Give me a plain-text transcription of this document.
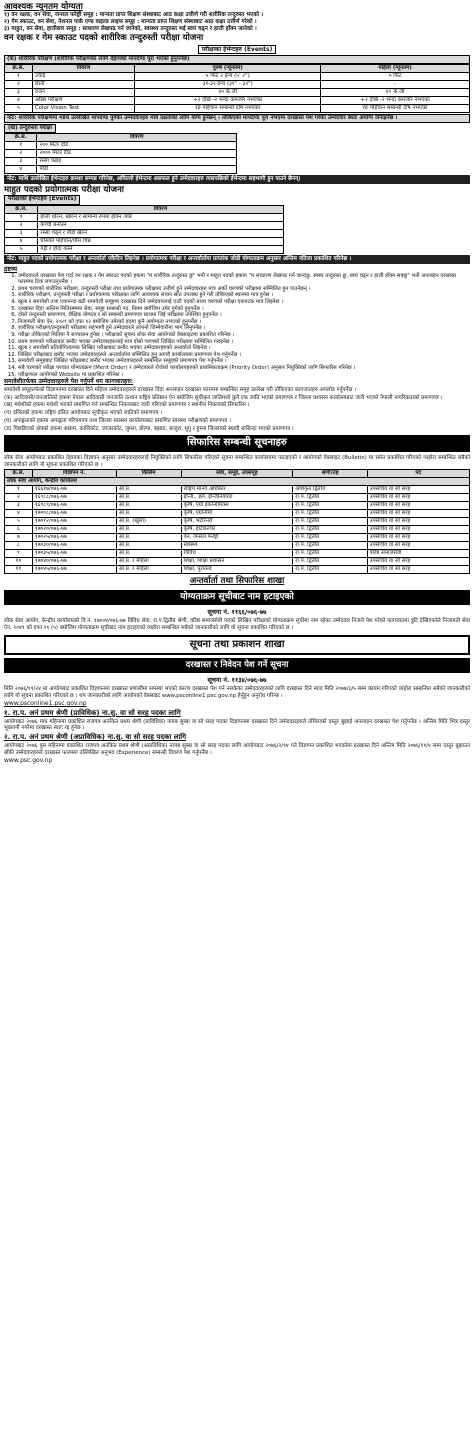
आवश्यक न्यूनतम योग्यता
१) वन रक्षक, वन सेवा, जनरल फरेष्ट्री समूह : मान्यता प्राप्त शिक्षण संस्थाबाट आठ कक्षा उत्तीर्ण गरी शारीरिक तन्दुरुस्त भएको ।
२) गेम स्काउट, वन सेवा, नेशनल पार्क एण्ड वाइल्ड लाइफ समूह : मान्यता प्राप्त शिक्षण संस्थाबाट आठ कक्षा उत्तीर्ण गरेको ।
३) माहुत, वन सेवा, हात्तीसार समूह : साधारण लेखपढ गर्न जानेको, स्वास्थ्य तन्दुरुस्त भई स्वयं चढ्न र हात्ती हाँक्न जानेको ।
वन रक्षक र गेम स्काउट पदको शारीरिक तन्दुरुस्ती परीक्षा योजना
परीक्षाका ईभेन्टहरु (Events)
(क) शारीरिक परीक्षण (शारीरिक परीक्षणको लागि देहायको मापदण्ड पूरा भएको हुनुपर्नेछ)
क्र.सं.	विवरण	पुरुष (न्यूनतम)	महिला (न्यूनतम)
१	उचाई	५ फिट २ इन्च (५' २")	५ फिट
२	छाती	३१-३२ इन्च (३१" - ३२")	-
३	वजन	४० के.जी	४२ के.जी
४	आँखा परीक्षण	+२ देखि -२ भन्दा कमजोर नभएको	+२ देखि -२ भन्दा कमजोर नभएको
५	Color Vision Test	रङ पहिचान सम्बन्धी दोष नभएको	रङ पहिचान सम्बन्धी दोष नभएको
नोट: शारीरिक परीक्षणमा माथि उल्लेखित मापदण्ड पुगेका उम्मेदवारहरु मात्र दक्षताको लागि योग्य हुनेछन् । तोकिएको मापदण्ड पूरा नभएमा दरखास्त पेश गरेका उम्मेदवार स्वतः अयोग्य जनाइनेछ ।
(ख) तन्दुरुस्ती परीक्षा
क्र.सं.	विवरण
१	२०० मिटर दौड
२	२००० मिटर दौड
३	रस्सा चढाइ
४	पौडी
नोट: माथि उल्लेखित ईभेन्टहरु क्रमशः सम्पन्न गरिनेछ, अघिल्लो ईभेन्टमा असफल हुने उम्मेदवारहरु त्यसपछिको ईभेन्टमा सहभागी हुन पाउने छैनन्।
माहुत पदको प्रयोगात्मक परीक्षा योजना
परीक्षाका ईभेन्टहरु (Events)
क्र.सं.	विवरण
१	हात्ती थोल्ने, खोल्ने र सामान्य रुपमा हाँक्न जान्ने
२	कच्ची बनाउने
३	रस्सा चढ्ने र पौडी खेल्ने
४	घाँसको पहिचान/घाँस चिन्ने
५	गद्दी र हौदा कस्ने
नोट: माहुत पदको प्रयोगात्मक परीक्षा र अन्तर्वार्ता एकैदिन लिइनेछ । प्रयोगात्मक परीक्षा र अन्तर्वार्तामा प्राप्तांक जोडी योग्यताक्रम अनुसार अन्तिम नतिजा प्रकाशित गरिनेछ ।
द्रष्टव्य
1. उम्मेदवारले दरखास्त पेश गर्दा वन रक्षक र गेम स्काउट पदको हकमा "म शारीरिक तन्दुरुस्त छु" भनी र माहुत पदको हकमा "म साधारण लेखपढ गर्न जान्दछु, स्वस्थ तन्दुरुस्त छु, स्वयं चढ्न र हात्ती हाँक्न सक्छु" भनी अनलाइन दरखास्त फारममा टिक लगाउनुपर्नेछ ।
2. प्रथम चरणको शारीरिक परीक्षण, तन्दुरुस्ती परीक्षा तथा प्रयोगात्मक परीक्षामा उत्तीर्ण हुने उम्मेदवारहरु मात्र अर्को चरणको परीक्षामा सम्मिलित हुन पाउनेछन् ।
3. शारीरिक परीक्षण, तन्दुरुस्ती परीक्षा र प्रयोगात्मक परीक्षाका लागि आवश्यक साधन स्रोत उपलब्ध हुने गरी तोकिएको स्थानमा मात्र हुनेछ ।
4. खुला र समावेशी तथा एकभन्दा बढी समावेशी समूहमा दरखास्त दिने उम्मेदवारलाई एउटै पदको प्रथम चरणको परीक्षा एकपटक मात्र लिइनेछ ।
5. दरखास्त दिंदा अन्तिम मितिसम्ममा सेवा, समूह सम्बन्धी पद, नियम बमोजिम उमेर पुगेको हुनुपर्नेछ ।
6. दोस्रो तन्दुरुस्ती प्रमाणपत्र, शैक्षिक योग्यता र सो सम्बन्धी प्रमाणपत्र साथमा लिई परीक्षामा उपस्थित हुनुपर्नेछ ।
7. निजामती सेवा ऐन, २०४९ को दफा १२ बमोजिम उमेरको हदमा कुनै अयोग्यता नभएको हुनुपर्नेछ ।
8. शारीरिक परीक्षण/तन्दुरुस्ती परीक्षामा सहभागी हुने उम्मेदवारले आफ्नो जिम्मेवारीमा भाग लिनुपर्नेछ ।
9. परीक्षा तोकिएको मितिमा नै सञ्चालन हुनेछ । परीक्षाको सूचना लोक सेवा आयोगको वेबसाइटमा प्रकाशित गरिनेछ ।
10. प्रथम चरणको परीक्षाबाट छनौट भएका उम्मेदवारहरुलाई मात्र दोस्रो चरणको लिखित परीक्षामा सम्मिलित गराइनेछ ।
11. खुला र समावेशी प्रतियोगितात्मक लिखित परीक्षाबाट छनौट भएका उम्मेदवारहरुको अन्तर्वार्ता लिइनेछ ।
12. लिखित परीक्षाबाट छनौट भएका उम्मेदवारहरुले अन्तर्वार्तामा सम्मिलित हुनु अगावै कार्यालयमा प्रमाणपत्र पेश गर्नुपर्नेछ ।
13. समावेशी समूहबाट लिखित परीक्षाबाट छनौट भएका उम्मेदवारहरुले सम्बन्धित समूहको प्रमाणपत्र पेश गर्नुपर्नेछ ।
14. सबै चरणको परीक्षा पश्चात योग्यताक्रम (Merit Order) र उम्मेदवारले रोजेको कार्यालयहरुको प्राथमिकताक्रम (Priority Order) अनुसार नियुक्तिको लागि सिफारिस गरिनेछ ।
15. परीक्षाफल आयोगको Website मा प्रकाशित गरिनेछ ।
समावेशीतर्फका उम्मेदवारहरुले पेश गर्नुपर्ने थप कागजातहरु:
समावेशी समूहतर्फको विज्ञापनमा दरखास्त दिने महिला उम्मेदवारहरुले दरखास्त दिंदा अनलाइन दरखास्त फारममा सम्बन्धित समूह उल्लेख गरी तोकिएका कागजातहरु अपलोड गर्नुपर्नेछ ।
(क) आदिवासी/जनजातिको हकमा नेपाल आदिवासी जनजाति उत्थान राष्ट्रिय प्रतिष्ठान ऐन बमोजिम सूचीकृत जातिमध्ये कुनै एक जाति भएको प्रमाणपत्र र जिल्ला प्रशासन कार्यालयबाट जारी भएको नेपाली नागरिकताको प्रमाणपत्र ।
(ख) मधेशीको हकमा मधेशी भएको प्रमाणित गर्न सम्बन्धित निकायबाट जारी गरिएको प्रमाणपत्र र स्थानीय निकायको सिफारिस ।
(ग) दलितको हकमा राष्ट्रिय दलित आयोगबाट सूचीकृत भएको जातिको प्रमाणपत्र ।
(घ) अपाङ्गताको हकमा अपाङ्गता परिचयपत्र तथा जिल्ला स्वास्थ्य कार्यालयबाट प्रमाणित स्वास्थ्य परीक्षणको प्रमाणपत्र ।
(ङ) पिछडिएको क्षेत्रको हकमा अछाम, कालिकोट, जाजरकोट, जुम्ला, डोल्पा, बझाङ, बाजुरा, मुगु र हुम्ला जिल्लाको स्थायी बासिन्दा भएको प्रमाणपत्र ।
सिफारिस सम्बन्धी सूचनाहरु
लोक सेवा आयोगबाट प्रकाशित देहायका विज्ञापन अनुसार उम्मेदवारहरुलाई नियुक्तिको लागि सिफारिस गरिएको सूचना सम्बन्धित कार्यालयमा पठाइएको र आयोगको वेबसाइट (Bulletin) मा समेत प्रकाशित गरिएको व्यहोरा सम्बन्धित सबैको जानकारीको लागि यो सूचना प्रकाशित गरिएको छ ।
क्र.सं.	विज्ञापन नं.	किसिम	सेवा, समूह, उपसमूह	श्रेणी/तह	पद
लोक सेवा आयोग, केन्द्रीय कार्यालय					
१	१६६१७/०७६-७७	आ.प्र.	राष्ट्रिय मानव अधिकार	अधिकृत द्वितीय	उपसचिव वा सो सरह
२	१६९८८/०७६-७७	आ.प्र.	इन्जि., इले. इन्जिनियरिङ	रा.प. द्वितीय	उपसचिव वा सो सरह
३	१६९८९/०७६-७७	आ.प्र.	कृषि, एग्री इकोनोमिक्स	रा.प. द्वितीय	उपसचिव वा सो सरह
४	१७००८/०७६-७७	आ.प्र.	कृषि, एग्रोनोमी	रा.प. द्वितीय	उपसचिव वा सो सरह
५	१७०१२/०७६-७७	आ.प्र. (खुला)	कृषि, भेटेरिनरी	रा.प. द्वितीय	उपसचिव वा सो सरह
६	१७०२०/०७६-७७	आ.प्र.	कृषि, हर्टिकल्चर	रा.प. द्वितीय	उपसचिव वा सो सरह
७	१७०२५/०७६-७७	आ.प्र.	वन, जनरल फरेष्ट्री	रा.प. द्वितीय	उपसचिव वा सो सरह
८	१७०३०/०७६-७७	आ.प्र.	स्वास्थ्य	रा.प. द्वितीय	उपसचिव वा सो सरह
९	१७०३५/०७६-७७	आ.प्र.	विविध	रा.प. द्वितीय	वरिष्ठ समाजसेवी
१०	१७०४०/०७६-७७	आ.प्र. र महिला	शिक्षा, शिक्षा प्रशासन	रा.प. द्वितीय	उपसचिव वा सो सरह
११	१७०४५/०७६-७७	आ.प्र. र महिला	शिक्षा, पुरातत्व	रा.प. द्वितीय	उपसचिव वा सो सरह
अन्तर्वार्ता तथा सिफारिस शाखा
योग्यताक्रम सूचीबाट नाम हटाइएको
सूचना नं. ११६६/०७६-७७
लोक सेवा आयोग, केन्द्रीय कार्यालयको वि.नं. १७००४/०७६-७७ विविध सेवा, रा.प.द्वितीय श्रेणी, वरिष्ठ समाजसेवी पदको लिखित परीक्षाको योग्यताक्रम सूचीमा नाम रहेका उम्मेदवार निजले पेश गरेको कागजातमा त्रुटि देखिएकोले निजामती सेवा ऐन, २०४९ को दफा ११ (५) बमोजिम योग्यताक्रम सूचीबाट नाम हटाइएको व्यहोरा सम्बन्धित सबैको जानकारीको लागि यो सूचना प्रकाशित गरिएको छ ।
सूचना तथा प्रकाशन शाखा
दरखास्त र निवेदन पेश गर्ने सूचना
सूचना नं. ११३४/०७६-७७
मिति २०७६/११/२४ मा आयोगबाट प्रकाशित विज्ञापनमा दरखास्त प्रणालीमा समस्या भएको कारण दरखास्त पेश गर्न नसकेका उम्मेदवारहरुको लागि दरखास्त दिने म्याद मिति २०७७/३/५ सम्म कायम गरिएको व्यहोरा सम्बन्धित सबैको जानकारीको लागि यो सूचना प्रकाशित गरिएको छ । थप जानकारीको लागि आयोगको वेबसाइट www.psconline1.psc.gov.np हेर्नुहुन अनुरोध गरिन्छ ।
www.psconline1.psc.gov.np
१. रा.प. अनं प्रथम श्रेणी (प्राविधिक) ना.सु. वा सो सरह पदका लागि
आयोगबाट २०७६ माघ महिनामा प्रकाशित राजपत्र अनंकित प्रथम श्रेणी (प्राविधिक) नायब सुब्बा वा सो सरह पदका विज्ञापनमा दरखास्त दिने उम्मेदवारहरुले तोकिएको दस्तुर बुझाई अनलाइन दरखास्त पेश गर्नुपर्नेछ । अन्तिम मिति भित्र दस्तुर भुक्तानी नगरेमा दरखास्त स्वतः रद्द हुनेछ ।
२. रा.प. अनं प्रथम श्रेणी (अप्राविधिक) ना.सु. वा सो सरह पदका लागि
आयोगबाट २०७६ पुस महिनामा प्रकाशित राजपत्र अनंकित प्रथम श्रेणी (अप्राविधिक) नायब सुब्बा वा सो सरह पदका लागि आयोगबाट २०७६/२/१४ गते विज्ञापन प्रकाशित भएकोमा दरखास्त दिने अन्तिम मिति २०७६/११/४ सम्म दस्तुर बुझाउन बाँकी उम्मेदवारहरुले दरखास्त फारममा उल्लिखित अनुभव (Experience) सम्बन्धी विवरण पेश गर्नुपर्नेछ ।
www.psc.gov.np
